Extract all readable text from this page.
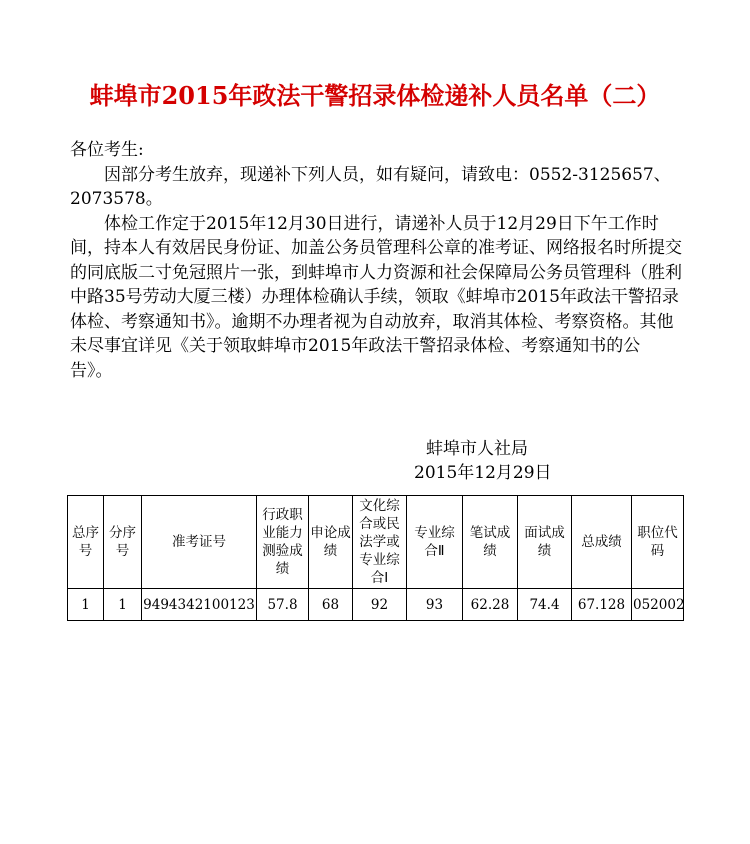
蚌埠市2015年政法干警招录体检递补人员名单（二）

各位考生:

因部分考生放弃，现递补下列人员，如有疑问，请致电：0552-3125657、2073578。

体检工作定于2015年12月30日进行，请递补人员于12月29日下午工作时间，持本人有效居民身份证、加盖公务员管理科公章的准考证、网络报名时所提交的同底版二寸免冠照片一张，到蚌埠市人力资源和社会保障局公务员管理科（胜利中路35号劳动大厦三楼）办理体检确认手续，领取《蚌埠市2015年政法干警招录体检、考察通知书》。逾期不办理者视为自动放弃，取消其体检、考察资格。其他未尽事宜详见《关于领取蚌埠市2015年政法干警招录体检、考察通知书的公告》。

蚌埠市人社局
2015年12月29日
总序号	分序号	准考证号	行政职业能力测验成绩	申论成绩	文化综合或民法学或专业综合Ⅰ	专业综合Ⅱ	笔试成绩	面试成绩	总成绩	职位代码
1	1	9494342100123	57.8	68	92	93	62.28	74.4	67.128	052002
